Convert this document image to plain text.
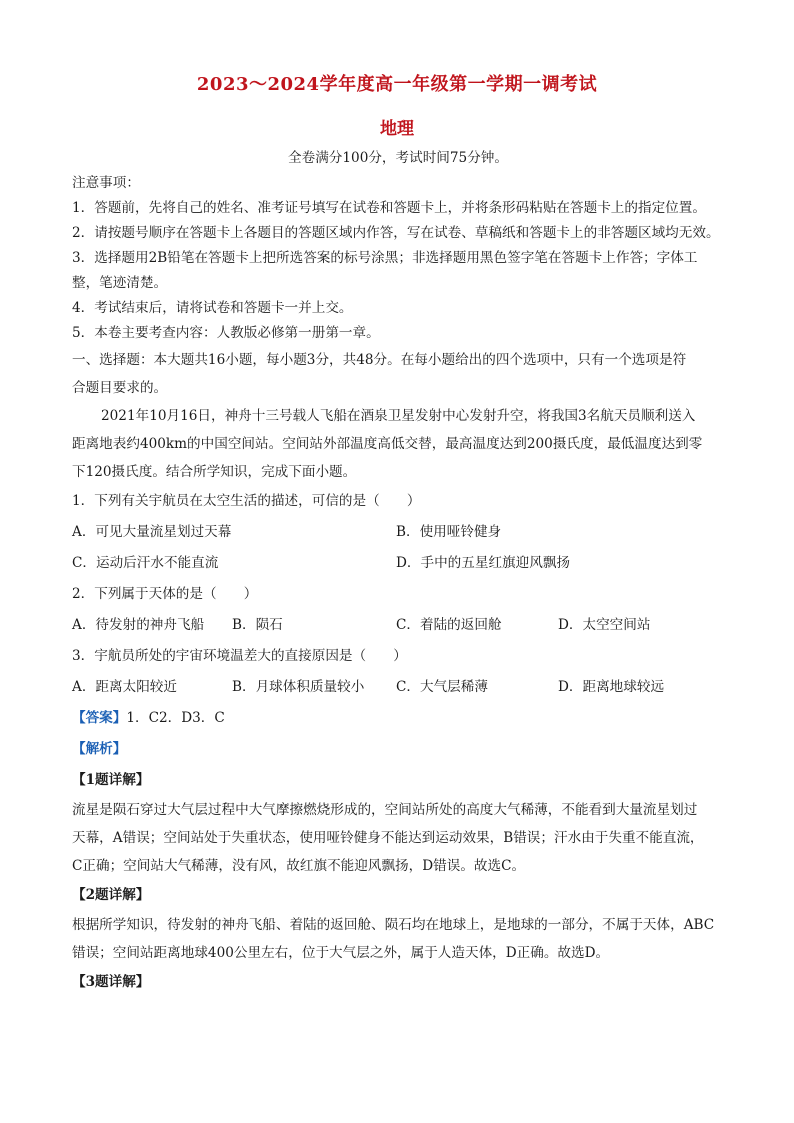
2023～2024学年度高一年级第一学期一调考试
地理
全卷满分100分，考试时间75分钟。
注意事项：
1．答题前，先将自己的姓名、准考证号填写在试卷和答题卡上，并将条形码粘贴在答题卡上的指定位置。
2．请按题号顺序在答题卡上各题目的答题区域内作答，写在试卷、草稿纸和答题卡上的非答题区域均无效。
3．选择题用2B铅笔在答题卡上把所选答案的标号涂黑；非选择题用黑色签字笔在答题卡上作答；字体工
整，笔迹清楚。
4．考试结束后，请将试卷和答题卡一并上交。
5．本卷主要考查内容：人教版必修第一册第一章。
一、选择题：本大题共16小题，每小题3分，共48分。在每小题给出的四个选项中，只有一个选项是符
合题目要求的。
2021年10月16日，神舟十三号载人飞船在酒泉卫星发射中心发射升空，将我国3名航天员顺利送入
距离地表约400km的中国空间站。空间站外部温度高低交替，最高温度达到200摄氏度，最低温度达到零
下120摄氏度。结合所学知识，完成下面小题。
1．下列有关宇航员在太空生活的描述，可信的是（　　）
A．可见大量流星划过天幕	B．使用哑铃健身
C．运动后汗水不能直流	D．手中的五星红旗迎风飘扬
2．下列属于天体的是（　　）
A．待发射的神舟飞船	B．陨石	C．着陆的返回舱	D．太空空间站
3．宇航员所处的宇宙环境温差大的直接原因是（　　）
A．距离太阳较近	B．月球体积质量较小	C．大气层稀薄	D．距离地球较远
【答案】1．C2．D3．C
【解析】
【1题详解】
流星是陨石穿过大气层过程中大气摩擦燃烧形成的，空间站所处的高度大气稀薄，不能看到大量流星划过
天幕，A错误；空间站处于失重状态，使用哑铃健身不能达到运动效果，B错误；汗水由于失重不能直流，
C正确；空间站大气稀薄，没有风，故红旗不能迎风飘扬，D错误。故选C。
【2题详解】
根据所学知识，待发射的神舟飞船、着陆的返回舱、陨石均在地球上，是地球的一部分，不属于天体，ABC
错误；空间站距离地球400公里左右，位于大气层之外，属于人造天体，D正确。故选D。
【3题详解】
